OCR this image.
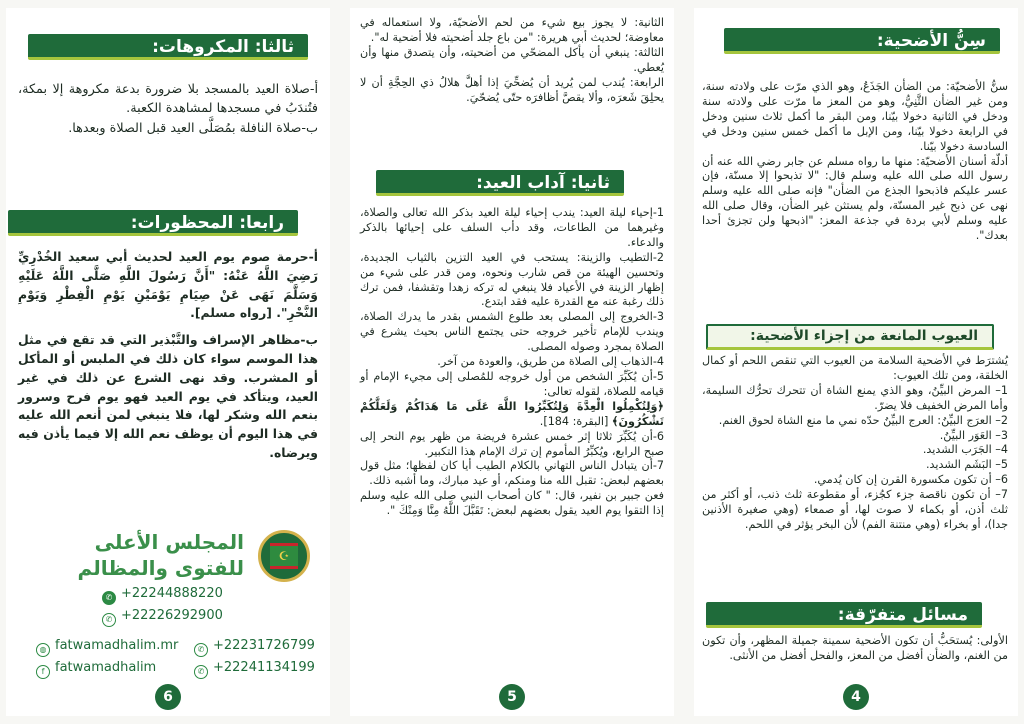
ثالثا: المكروهات:

أ-صلاة العيد بالمسجد بلا ضرورة بدعة مكروهة إلا بمكة، فتُندَبُ في مسجدها لمشاهدة الكعبة.

ب-صلاة النافلة بمُصَلَّى العيد قبل الصلاة وبعدها.

رابعا: المحظورات:

أ-حرمة صوم يوم العيد لحديث أبي سعيد الخُدْرِيِّ رَضِيَ اللَّهُ عَنْهُ: "أَنَّ رَسُولَ اللَّهِ صَلَّى اللَّهُ عَلَيْهِ وَسَلَّمَ نَهَى عَنْ صِيَامِ يَوْمَيْنِ يَوْمِ الْفِطْرِ وَيَوْمِ النَّحْرِ". [رواه مسلم].

ب-مظاهر الإسراف والتَّبْذير التي قد تقع في مثل هذا الموسم سواء كان ذلك في الملبس أو المأكل أو المشرب. وقد نهى الشرع عن ذلك في غير العيد، ويتأكد في يوم العيد فهو يوم فرح وسرور بنعم الله وشكر لها، فلا ينبغي لمن أنعم الله عليه في هذا اليوم أن يوظف نعم الله إلا فيما يأذن فيه ويرضاه.

☪
المجلس الأعلى
للفتوى والمظالم
✆ +22244888220
✆ +22226292900
◍ fatwamadhalim.mr	✆ +22231726799
f fatwamadhalim	✆ +22241134199
6

الثانية: لا يجوز بيع شيء من لحم الأضحيّة، ولا استعماله في معاوضة؛ لحديث أبي هريرة: "من باع جلد أضحيته فلا أضحية له".

الثالثة: ينبغي أن يأكل المضحّي من أضحيته، وأن يتصدق منها وأن يُعطي.

الرابعة: يُندب لمن يُريد أن يُضحِّيَ إذا أهلَّ هلالُ ذي الحِجَّةِ أن لا يحلِقَ شَعرَه، وألا يقصَّ أظافرَه حتّى يُضحّيَ.

ثانيا: آداب العيد:

1-إحياء ليلة العيد: يندب إحياء ليلة العيد بذكر الله تعالى والصلاة، وغيرهما من الطاعات، وقد دأب السلف على إحيائها بالذكر والدعاء.

2-التطيب والزينة: يستحب في العيد التزين بالثياب الجديدة، وتحسين الهيئة من قص شارب ونحوه، ومن قدر على شيء من إظهار الزينة في الأعياد فلا ينبغي له تركه زهدا وتقشفا، فمن ترك ذلك رغبة عنه مع القدرة عليه فقد ابتدع.

3-الخروج إلى المصلى بعد طلوع الشمس بقدر ما يدرك الصلاة، ويندب للإمام تأخير خروجه حتى يجتمع الناس بحيث يشرع في الصلاة بمجرد وصوله المصلى.

4-الذهاب إلى الصلاة من طريق، والعودة من آخر.

5-أن يُكَبِّرَ الشخص من أول خروجه للمُصلى إلى مجيء الإمام أو قيامه للصلاة، لقوله تعالى:

﴿وَلِتُكْمِلُوا الْعِدَّةَ وَلِتُكَبِّرُوا اللَّهَ عَلَى مَا هَدَاكُمْ وَلَعَلَّكُمْ تَشْكُرُونَ﴾ [البقرة: 184].

6-أن يُكَبِّرَ ثلاثا إثر خمس عشرة فريضة من ظهر يوم النحر إلى صبح الرابع، ويُكبِّرُ المأموم إن ترك الإمام هذا التكبير.

7-أن يتبادل الناس التهاني بالكلام الطيب أيا كان لفظها؛ مثل قول بعضهم لبعض: تقبل الله منا ومنكم، أو عيد مبارك، وما أشبه ذلك.

فعن جبير بن نفير، قال: " كان أصحاب النبي صلى الله عليه وسلم إذا التقوا يوم العيد يقول بعضهم لبعض: تَقَبَّلَ اللَّهُ مِنَّا وَمِنْكَ ".

5
سِنُّ الأضحية:

سنُّ الأضحيّة: من الضأن الجَذَعُ، وهو الذي مرّت على ولادته سنة، ومن غير الضأن الثَّنِيُّ، وهو من المعز ما مرّت على ولادته سنة ودخل في الثانية دخولا بيّنا، ومن البقر ما أكمل ثلاث سنين ودخل في الرابعة دخولا بيّنا، ومن الإبل ما أكمل خمس سنين ودخل في السادسة دخولا بيّنا.

أدلّة أسنان الأضحيّة: منها ما رواه مسلم عن جابر رضي الله عنه أن رسول الله صلى الله عليه وسلم قال: "لا تذبحوا إلا مسنّة، فإن عسر عليكم فاذبحوا الجذع من الضأن" فإنه صلى الله عليه وسلم نهى عن ذبح غير المسنّة، ولم يستثن غير الضأن، وقال صلى الله عليه وسلم لأبي بردة في جذعة المعز: "اذبحها ولن تجزئ أحدا بعدك".

العيوب المانعة من إجزاء الأضحية:

يُشترَط في الأضحية السلامة من العيوب التي تنقص اللحم أو كمال الخلقة، ومن تلك العيوب:

1– المرض البيِّنُ، وهو الذي يمنع الشاة أن تتحرك تحرُّك السليمة، وأما المرض الخفيف فلا يضرّ.

2– العرَج البيِّنُ: العرج البيِّنُ حدّه نمي ما منع الشاة لحوق الغنم.

3– العَوَر البيِّنُ.

4– الجَرَب الشديد.

5– البَشَم الشديد.

6– أن تكون مكسورة القرن إن كان يُدمي.

7– أن تكون ناقصة جزء كجُزء، أو مقطوعة ثلث ذنب، أو أكثر من ثلث أذن، أو بكماء لا صوت لها، أو صمعاء (وهي صغيرة الأذنين جدا)، أو بخراء (وهي منتنة الفم) لأن البخر يؤثر في اللحم.

مسائل متفرّقة:

الأولى: يُستحَبُّ أن تكون الأضحية سمينة جميلة المظهر، وأن تكون من الغنم، والضأن أفضل من المعز، والفحل أفضل من الأنثى.

4
